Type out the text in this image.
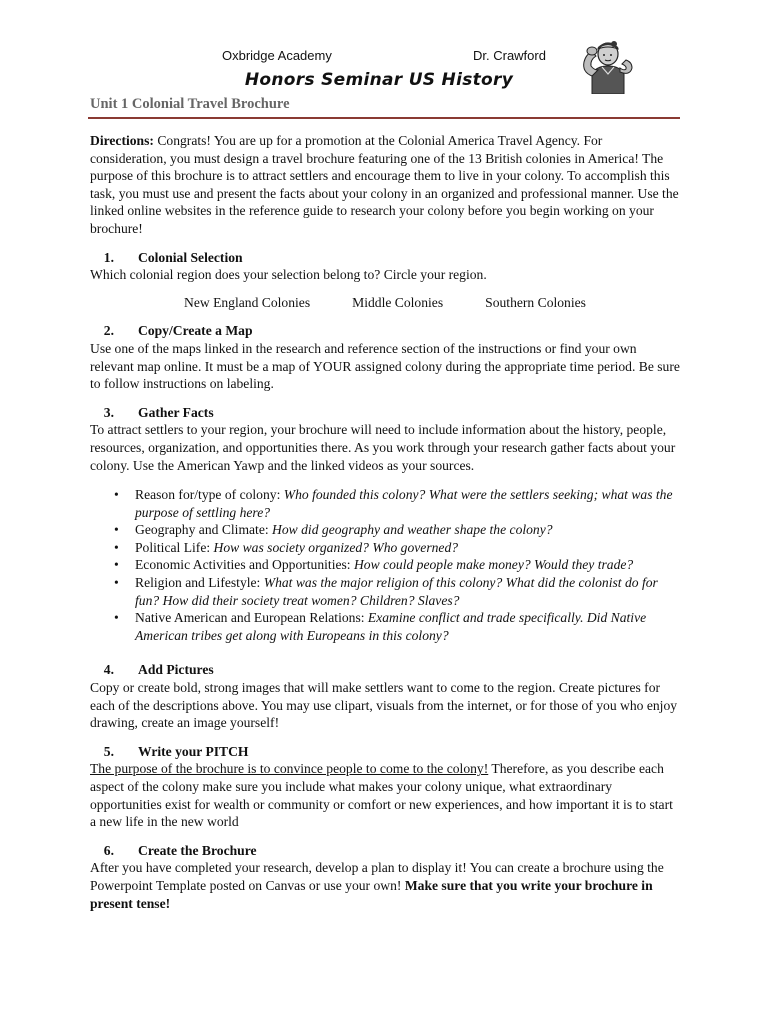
Oxbridge Academy	Dr. Crawford
Honors Seminar US History
Unit 1 Colonial Travel Brochure

Directions: Congrats! You are up for a promotion at the Colonial America Travel Agency. For consideration, you must design a travel brochure featuring one of the 13 British colonies in America! The purpose of this brochure is to attract settlers and encourage them to live in your colony. To accomplish this task, you must use and present the facts about your colony in an organized and professional manner. Use the linked online websites in the reference guide to research your colony before you begin working on your brochure!

1. Colonial Selection

Which colonial region does your selection belong to? Circle your region.

New England Colonies	Middle Colonies	Southern Colonies
2. Copy/Create a Map

Use one of the maps linked in the research and reference section of the instructions or find your own relevant map online. It must be a map of YOUR assigned colony during the appropriate time period. Be sure to follow instructions on labeling.

3. Gather Facts

To attract settlers to your region, your brochure will need to include information about the history, people, resources, organization, and opportunities there. As you work through your research gather facts about your colony. Use the American Yawp and the linked videos as your sources.

• Reason for/type of colony: Who founded this colony? What were the settlers seeking; what was the purpose of settling here?
• Geography and Climate: How did geography and weather shape the colony?
• Political Life: How was society organized? Who governed?
• Economic Activities and Opportunities: How could people make money? Would they trade?
• Religion and Lifestyle: What was the major religion of this colony? What did the colonist do for fun? How did their society treat women? Children? Slaves?
• Native American and European Relations: Examine conflict and trade specifically. Did Native American tribes get along with Europeans in this colony?
4. Add Pictures

Copy or create bold, strong images that will make settlers want to come to the region. Create pictures for each of the descriptions above. You may use clipart, visuals from the internet, or for those of you who enjoy drawing, create an image yourself!

5. Write your PITCH

The purpose of the brochure is to convince people to come to the colony! Therefore, as you describe each aspect of the colony make sure you include what makes your colony unique, what extraordinary opportunities exist for wealth or community or comfort or new experiences, and how important it is to start a new life in the new world

6. Create the Brochure

After you have completed your research, develop a plan to display it! You can create a brochure using the Powerpoint Template posted on Canvas or use your own! Make sure that you write your brochure in present tense!
